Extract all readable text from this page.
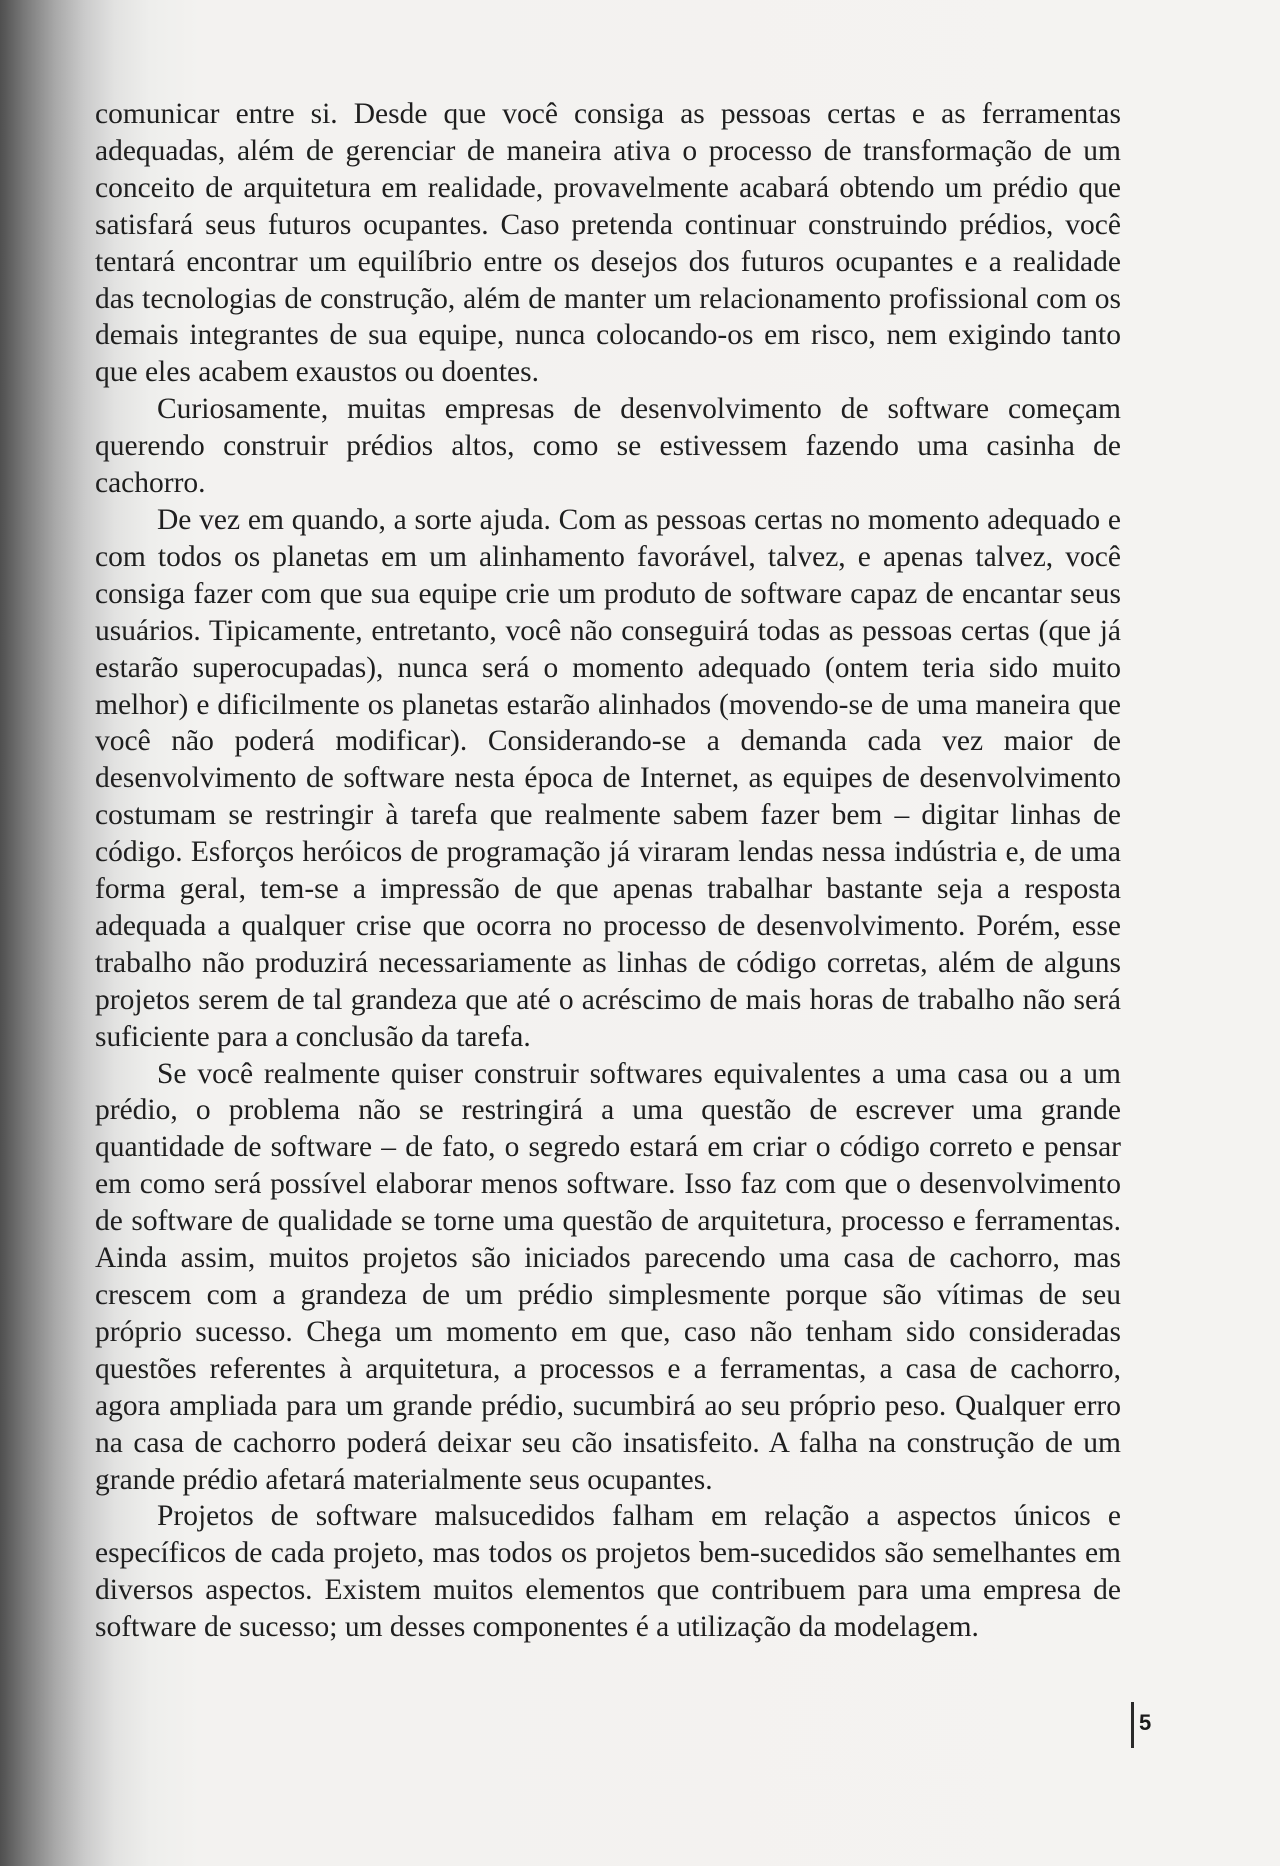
comunicar entre si. Desde que você consiga as pessoas certas e as ferramentas adequadas, além de gerenciar de maneira ativa o processo de transformação de um conceito de arquitetura em realidade, provavelmente acabará obtendo um prédio que satisfará seus futuros ocupantes. Caso pretenda continuar construindo prédios, você tentará encontrar um equilíbrio entre os desejos dos futuros ocupantes e a realidade das tecnologias de construção, além de manter um relacionamento profissional com os demais integrantes de sua equipe, nunca colocando-os em risco, nem exigindo tanto que eles acabem exaustos ou doentes.

Curiosamente, muitas empresas de desenvolvimento de software começam querendo construir prédios altos, como se estivessem fazendo uma casinha de cachorro.

De vez em quando, a sorte ajuda. Com as pessoas certas no momento adequado e com todos os planetas em um alinhamento favorável, talvez, e apenas talvez, você consiga fazer com que sua equipe crie um produto de software capaz de encantar seus usuários. Tipicamente, entretanto, você não conseguirá todas as pessoas certas (que já estarão superocupadas), nunca será o momento adequado (ontem teria sido muito melhor) e dificilmente os planetas estarão alinhados (movendo-se de uma maneira que você não poderá modificar). Considerando-se a demanda cada vez maior de desenvolvimento de software nesta época de Internet, as equipes de desenvolvimento costumam se restringir à tarefa que realmente sabem fazer bem – digitar linhas de código. Esforços heróicos de programação já viraram lendas nessa indústria e, de uma forma geral, tem-se a impressão de que apenas trabalhar bastante seja a resposta adequada a qualquer crise que ocorra no processo de desenvolvimento. Porém, esse trabalho não produzirá necessariamente as linhas de código corretas, além de alguns projetos serem de tal grandeza que até o acréscimo de mais horas de trabalho não será suficiente para a conclusão da tarefa.

Se você realmente quiser construir softwares equivalentes a uma casa ou a um prédio, o problema não se restringirá a uma questão de escrever uma grande quantidade de software – de fato, o segredo estará em criar o código correto e pensar em como será possível elaborar menos software. Isso faz com que o desenvolvimento de software de qualidade se torne uma questão de arquitetura, processo e ferramentas. Ainda assim, muitos projetos são iniciados parecendo uma casa de cachorro, mas crescem com a grandeza de um prédio simplesmente porque são vítimas de seu próprio sucesso. Chega um momento em que, caso não tenham sido consideradas questões referentes à arquitetura, a processos e a ferramentas, a casa de cachorro, agora ampliada para um grande prédio, sucumbirá ao seu próprio peso. Qualquer erro na casa de cachorro poderá deixar seu cão insatisfeito. A falha na construção de um grande prédio afetará materialmente seus ocupantes.

Projetos de software malsucedidos falham em relação a aspectos únicos e específicos de cada projeto, mas todos os projetos bem-sucedidos são semelhantes em diversos aspectos. Existem muitos elementos que contribuem para uma empresa de software de sucesso; um desses componentes é a utilização da modelagem.

5
